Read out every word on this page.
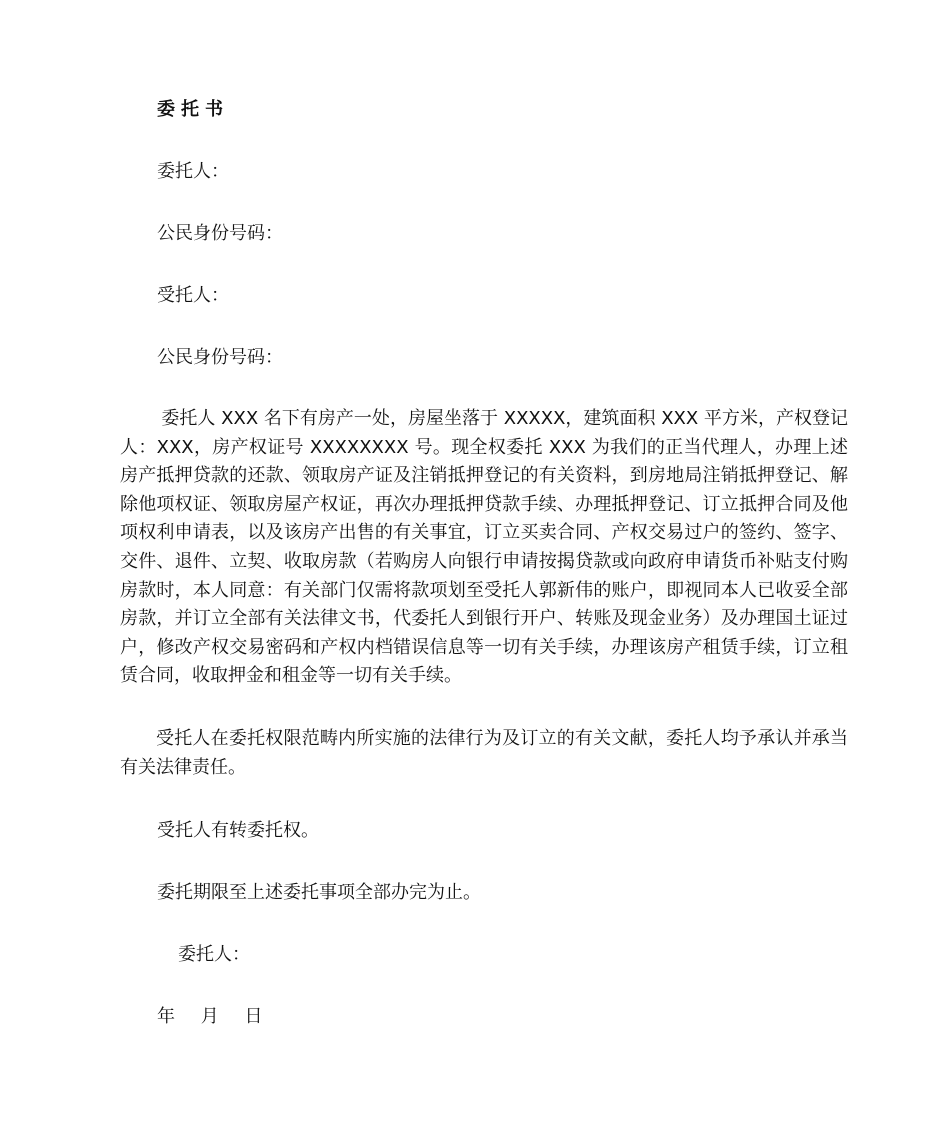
委托书
委托人：
公民身份号码：
受托人：
公民身份号码：
委托人 XXX 名下有房产一处，房屋坐落于 XXXXX，建筑面积 XXX 平方米，产权登记人：XXX，房产权证号 XXXXXXXX 号。现全权委托 XXX 为我们的正当代理人，办理上述房产抵押贷款的还款、领取房产证及注销抵押登记的有关资料，到房地局注销抵押登记、解除他项权证、领取房屋产权证，再次办理抵押贷款手续、办理抵押登记、订立抵押合同及他项权利申请表，以及该房产出售的有关事宜，订立买卖合同、产权交易过户的签约、签字、交件、退件、立契、收取房款（若购房人向银行申请按揭贷款或向政府申请货币补贴支付购房款时，本人同意：有关部门仅需将款项划至受托人郭新伟的账户，即视同本人已收妥全部房款，并订立全部有关法律文书，代委托人到银行开户、转账及现金业务）及办理国土证过户，修改产权交易密码和产权内档错误信息等一切有关手续，办理该房产租赁手续，订立租赁合同，收取押金和租金等一切有关手续。
受托人在委托权限范畴内所实施的法律行为及订立的有关文献，委托人均予承认并承当有关法律责任。
受托人有转委托权。
委托期限至上述委托事项全部办完为止。
委托人：
年 月 日
